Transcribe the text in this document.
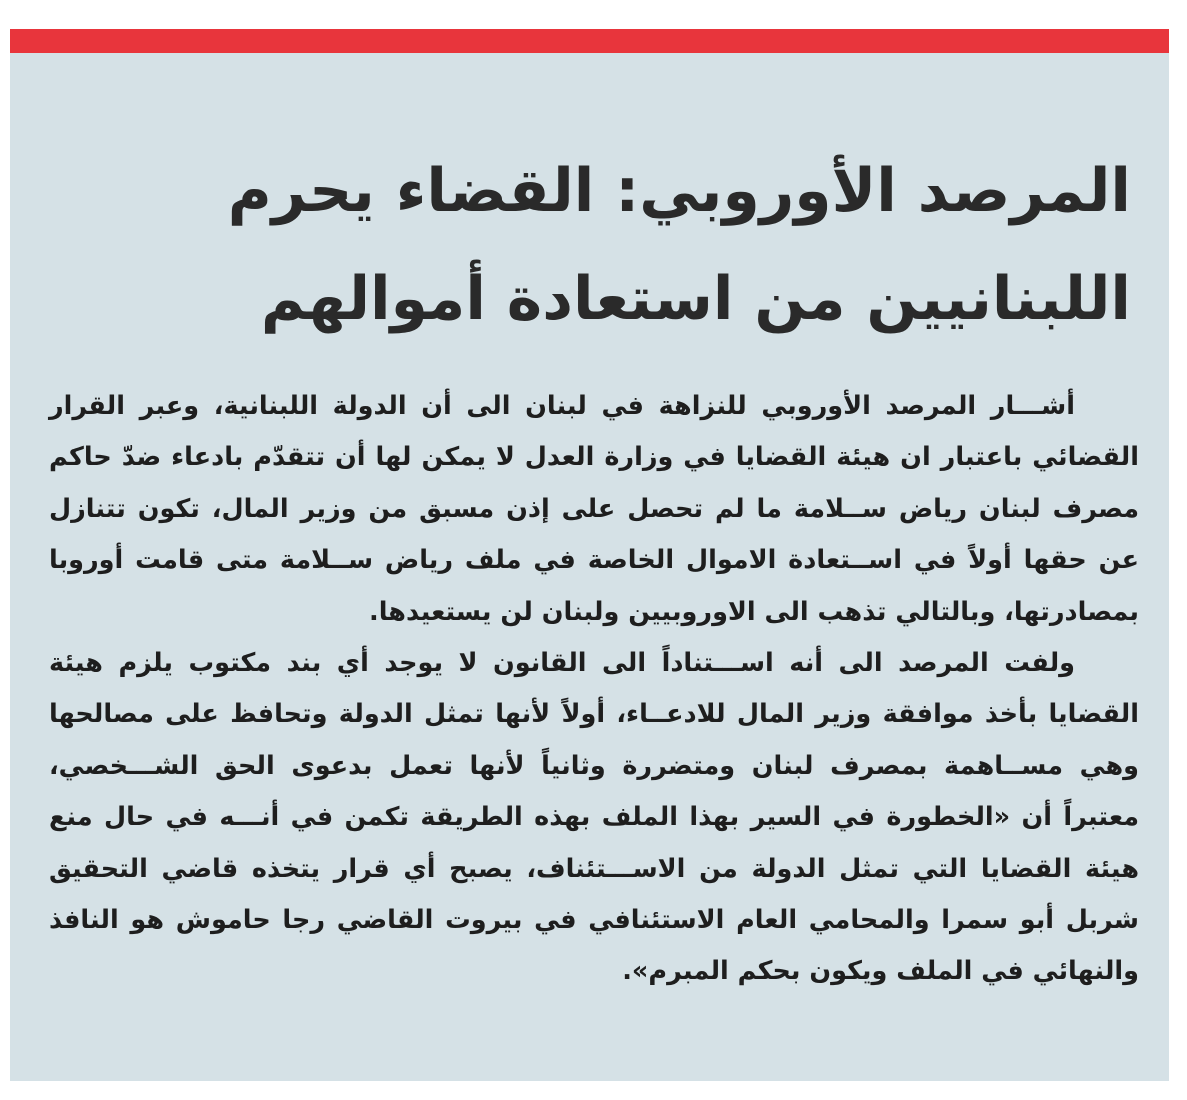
المرصد الأوروبي: القضاء يحرم
اللبنانيين من استعادة أموالهم

أشـــار المرصد الأوروبي للنزاهة في لبنان الى أن الدولة اللبنانية، وعبر القرار القضائي باعتبار ان هيئة القضايا في وزارة العدل لا يمكن لها أن تتقدّم بادعاء ضدّ حاكم مصرف لبنان رياض ســلامة ما لم تحصل على إذن مسبق من وزير المال، تكون تتنازل عن حقها أولاً في اســتعادة الاموال الخاصة في ملف رياض ســلامة متى قامت أوروبا بمصادرتها، وبالتالي تذهب الى الاوروبيين ولبنان لن يستعيدها.

ولفت المرصد الى أنه اســـتناداً الى القانون لا يوجد أي بند مكتوب يلزم هيئة القضايا بأخذ موافقة وزير المال للادعــاء، أولاً لأنها تمثل الدولة وتحافظ على مصالحها وهي مســاهمة بمصرف لبنان ومتضررة وثانياً لأنها تعمل بدعوى الحق الشـــخصي، معتبراً أن «الخطورة في السير بهذا الملف بهذه الطريقة تكمن في أنـــه في حال منع هيئة القضايا التي تمثل الدولة من الاســـتئناف، يصبح أي قرار يتخذه قاضي التحقيق شربل أبو سمرا والمحامي العام الاستئنافي في بيروت القاضي رجا حاموش هو النافذ والنهائي في الملف ويكون بحكم المبرم».
